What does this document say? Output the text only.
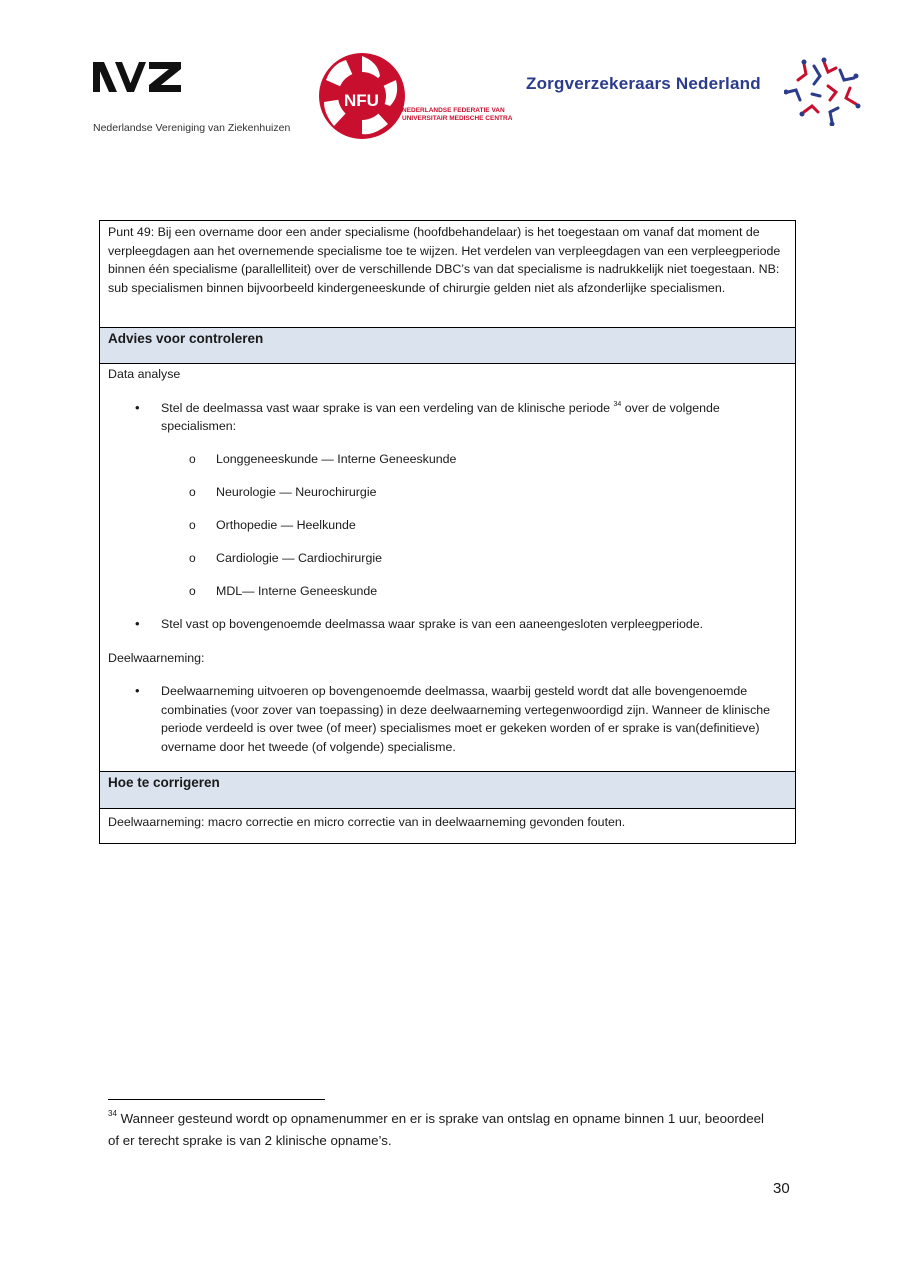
Nederlandse Vereniging van Ziekenhuizen
NFU
NEDERLANDSE FEDERATIE VAN
UNIVERSITAIR MEDISCHE CENTRA
Zorgverzekeraars Nederland
Punt 49: Bij een overname door een ander specialisme (hoofdbehandelaar) is het toegestaan om vanaf dat moment de verpleegdagen aan het overnemende specialisme toe te wijzen. Het verdelen van verpleegdagen van een verpleegperiode binnen één specialisme (parallelliteit) over de verschillende DBC’s van dat specialisme is nadrukkelijk niet toegestaan. NB: sub specialismen binnen bijvoorbeeld kindergeneeskunde of chirurgie gelden niet als afzonderlijke specialismen.
Advies voor controleren
Data analyse
• Stel de deelmassa vast waar sprake is van een verdeling van de klinische periode $^{34}$ over de volgende specialismen:
o Longgeneeskunde — Interne Geneeskunde
o Neurologie — Neurochirurgie
o Orthopedie — Heelkunde
o Cardiologie — Cardiochirurgie
o MDL— Interne Geneeskunde
• Stel vast op bovengenoemde deelmassa waar sprake is van een aaneengesloten verpleegperiode.
Deelwaarneming:
• Deelwaarneming uitvoeren op bovengenoemde deelmassa, waarbij gesteld wordt dat alle bovengenoemde combinaties (voor zover van toepassing) in deze deelwaarneming vertegenwoordigd zijn. Wanneer de klinische periode verdeeld is over twee (of meer) specialismes moet er gekeken worden of er sprake is van(definitieve) overname door het tweede (of volgende) specialisme.
Hoe te corrigeren
Deelwaarneming: macro correctie en micro correctie van in deelwaarneming gevonden fouten.
$^{34}$ Wanneer gesteund wordt op opnamenummer en er is sprake van ontslag en opname binnen 1 uur, beoordeel of er terecht sprake is van 2 klinische opname’s.
30
